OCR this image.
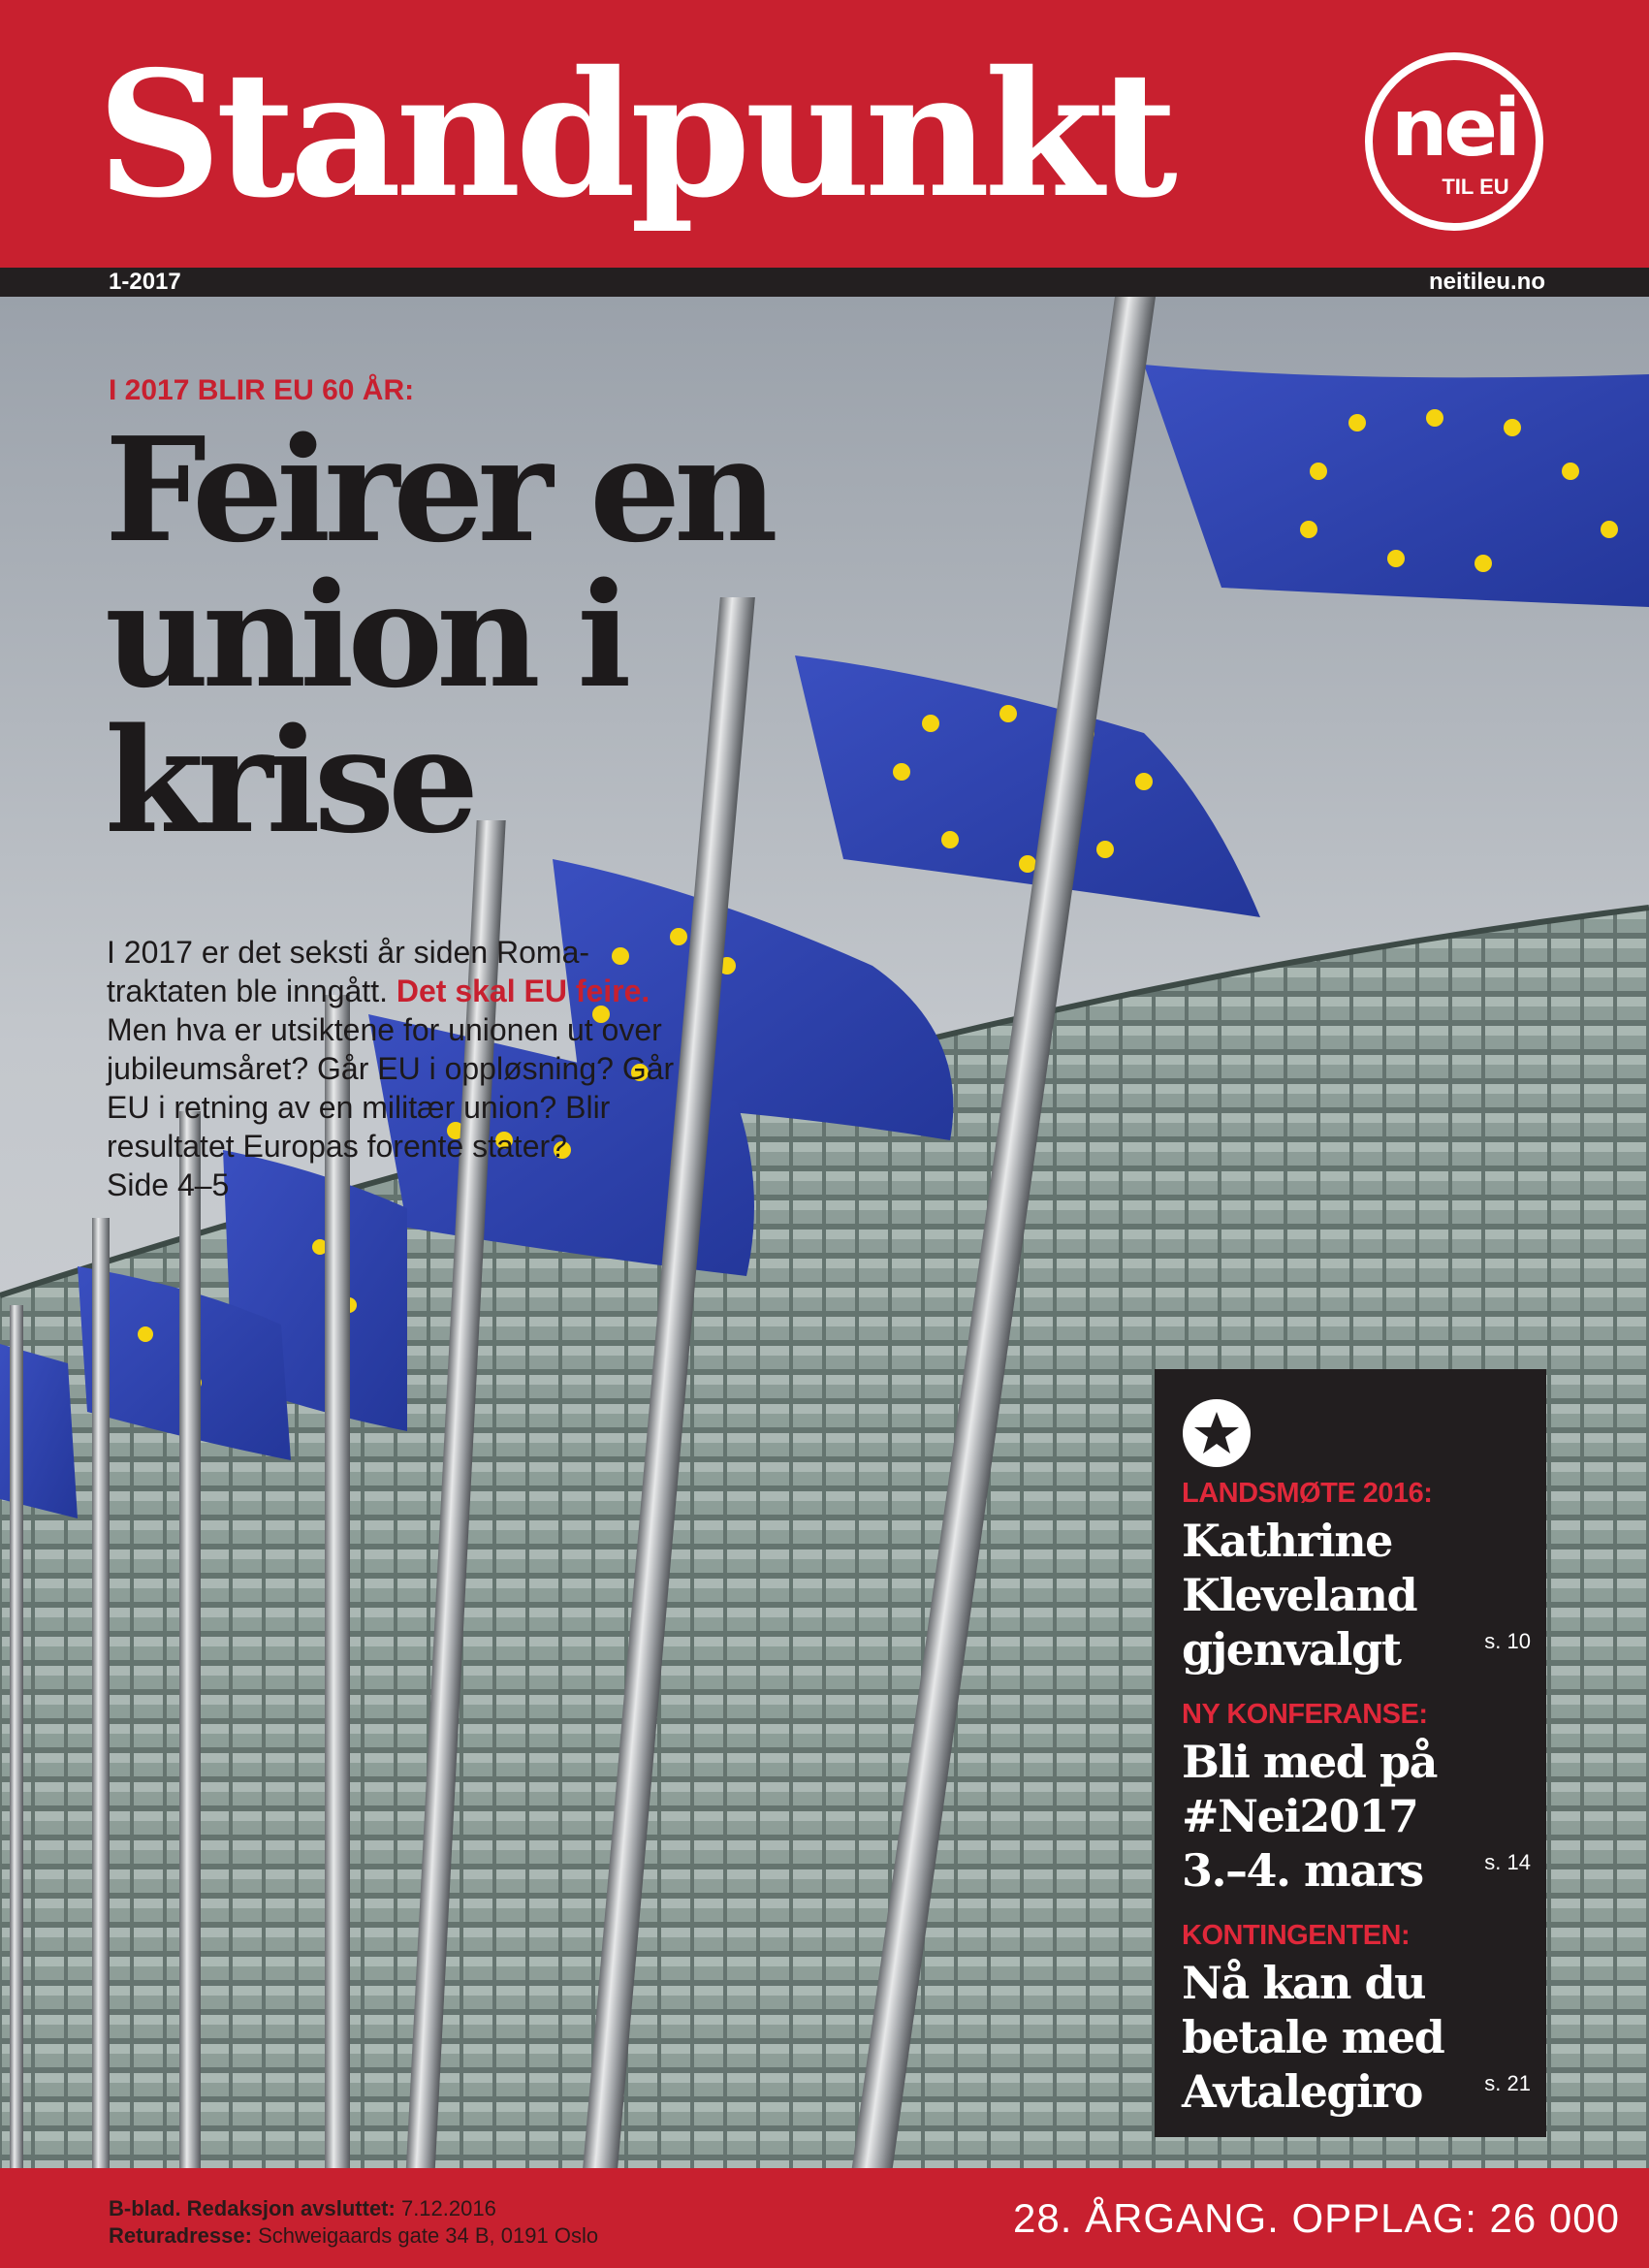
Standpunkt	nei
TIL EU
1-2017	neitileu.no
I 2017 BLIR EU 60 ÅR:
Feirer en
union i
krise
I 2017 er det seksti år siden Roma-traktaten ble inngått. Det skal EU feire. Men hva er utsiktene for unionen ut over jubileumsåret? Går EU i oppløsning? Går EU i retning av en militær union? Blir resultatet Europas forente stater?
Side 4–5
LANDSMØTE 2016:
Kathrine
Kleveland
gjenvalgt	s. 10
NY KONFERANSE:
Bli med på
#Nei2017
3.–4. mars	s. 14
KONTINGENTEN:
Nå kan du
betale med
Avtalegiro	s. 21
B-blad. Redaksjon avsluttet: 7.12.2016
Returadresse: Schweigaards gate 34 B, 0191 Oslo	28. ÅRGANG. OPPLAG: 26 000
